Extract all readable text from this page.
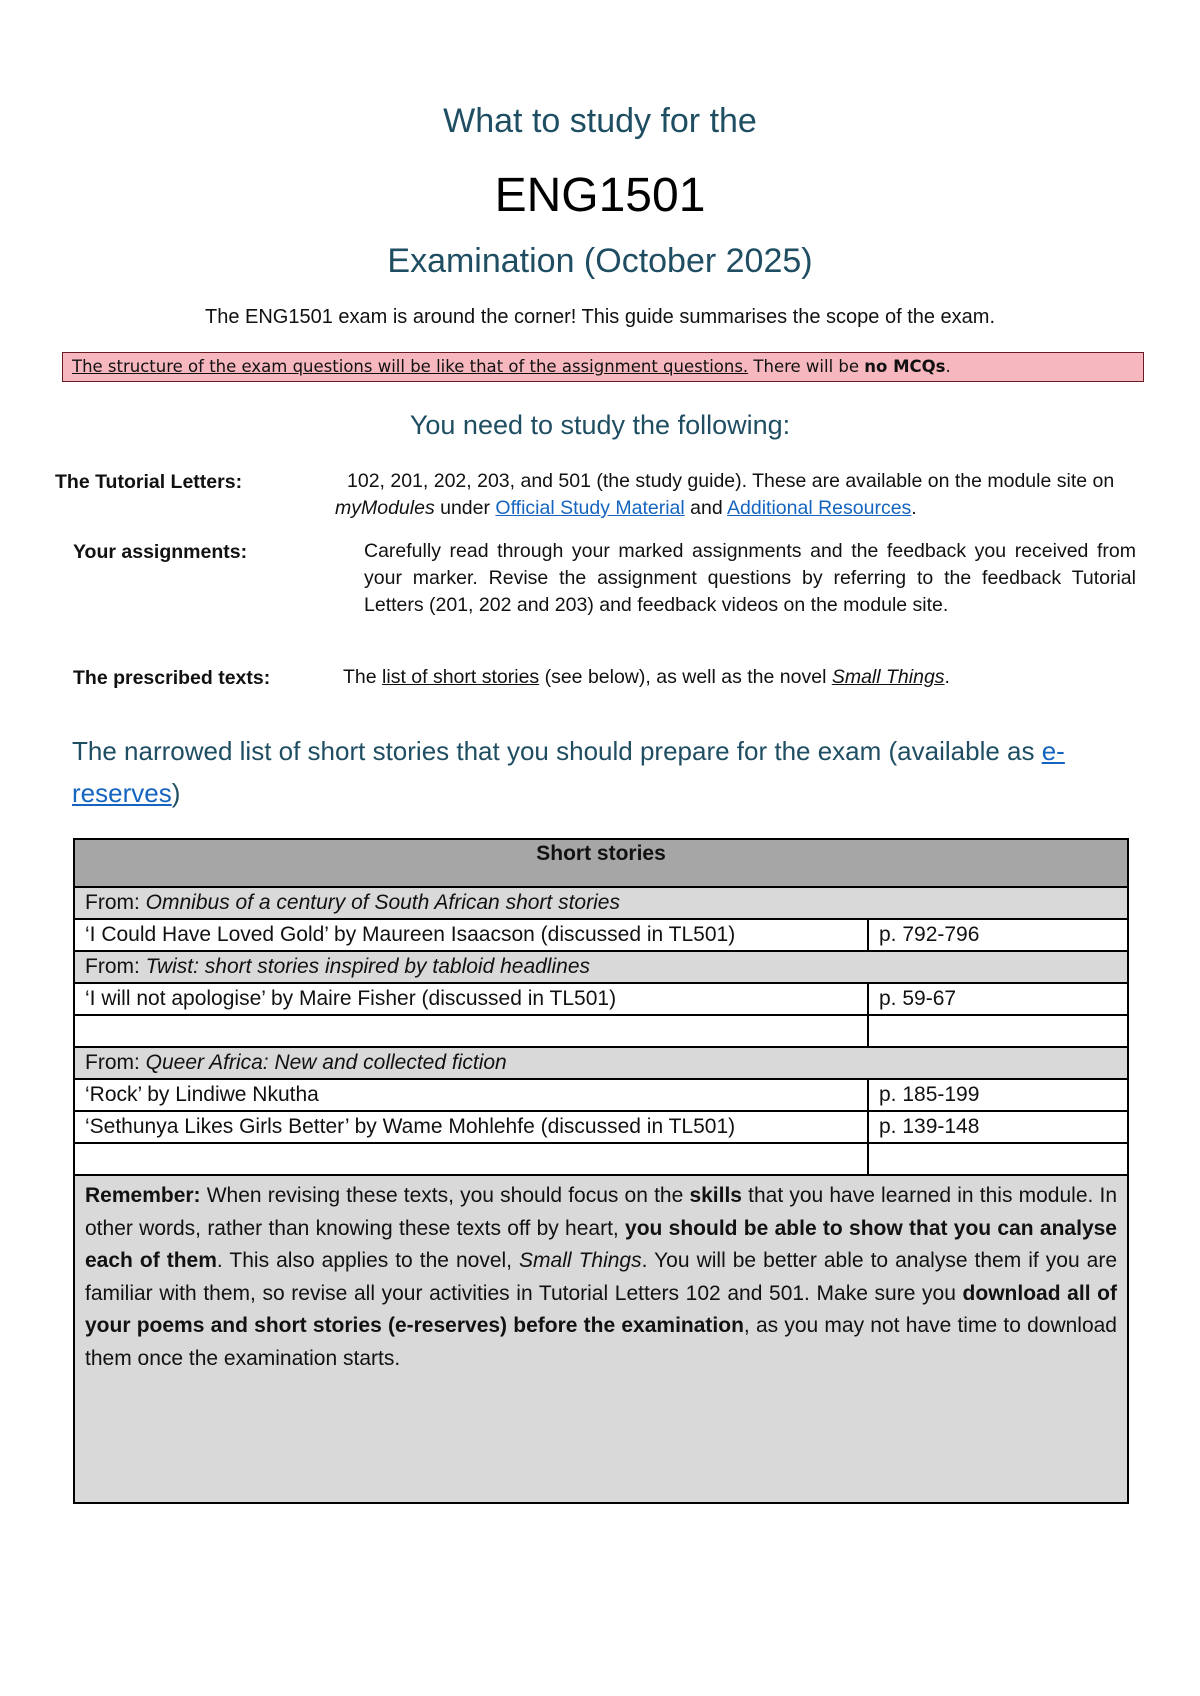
What to study for the
ENG1501
Examination (October 2025)
The ENG1501 exam is around the corner! This guide summarises the scope of the exam.
The structure of the exam questions will be like that of the assignment questions. There will be no MCQs.
You need to study the following:
The Tutorial Letters:	102, 201, 202, 203, and 501 (the study guide). These are available on the module site on myModules under Official Study Material and Additional Resources.
Your assignments:	Carefully read through your marked assignments and the feedback you received from your marker. Revise the assignment questions by referring to the feedback Tutorial Letters (201, 202 and 203) and feedback videos on the module site.
The prescribed texts:	The list of short stories (see below), as well as the novel Small Things.
The narrowed list of short stories that you should prepare for the exam (available as e-reserves)
Short stories	
From: Omnibus of a century of South African short stories	
‘I Could Have Loved Gold’ by Maureen Isaacson (discussed in TL501)	p. 792-796
From: Twist: short stories inspired by tabloid headlines	
‘I will not apologise’ by Maire Fisher (discussed in TL501)	p. 59-67

From: Queer Africa: New and collected fiction	
‘Rock’ by Lindiwe Nkutha	p. 185-199
‘Sethunya Likes Girls Better’ by Wame Mohlehfe (discussed in TL501)	p. 139-148

Remember: When revising these texts, you should focus on the skills that you have learned in this module. In other words, rather than knowing these texts off by heart, you should be able to show that you can analyse each of them. This also applies to the novel, Small Things. You will be better able to analyse them if you are familiar with them, so revise all your activities in Tutorial Letters 102 and 501. Make sure you download all of your poems and short stories (e-reserves) before the examination, as you may not have time to download them once the examination starts.	
